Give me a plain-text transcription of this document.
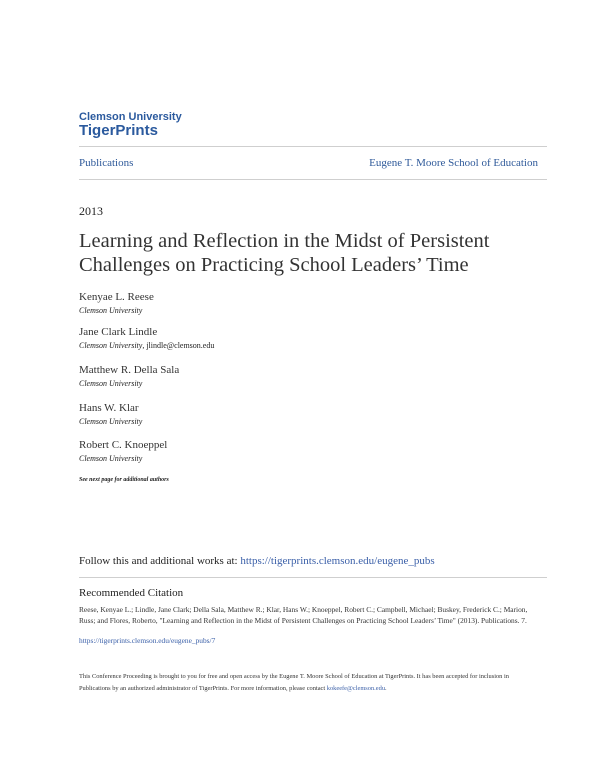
Clemson University
TigerPrints
Publications	Eugene T. Moore School of Education
2013
Learning and Reflection in the Midst of Persistent Challenges on Practicing School Leaders’ Time
Kenyae L. Reese
Clemson University
Jane Clark Lindle
Clemson University, jlindle@clemson.edu
Matthew R. Della Sala
Clemson University
Hans W. Klar
Clemson University
Robert C. Knoeppel
Clemson University
See next page for additional authors
Follow this and additional works at: https://tigerprints.clemson.edu/eugene_pubs
Recommended Citation
Reese, Kenyae L.; Lindle, Jane Clark; Della Sala, Matthew R.; Klar, Hans W.; Knoeppel, Robert C.; Campbell, Michael; Buskey, Frederick C.; Marion, Russ; and Flores, Roberto, "Learning and Reflection in the Midst of Persistent Challenges on Practicing School Leaders’ Time" (2013). Publications. 7.
https://tigerprints.clemson.edu/eugene_pubs/7
This Conference Proceeding is brought to you for free and open access by the Eugene T. Moore School of Education at TigerPrints. It has been accepted for inclusion in Publications by an authorized administrator of TigerPrints. For more information, please contact kokeefe@clemson.edu.
